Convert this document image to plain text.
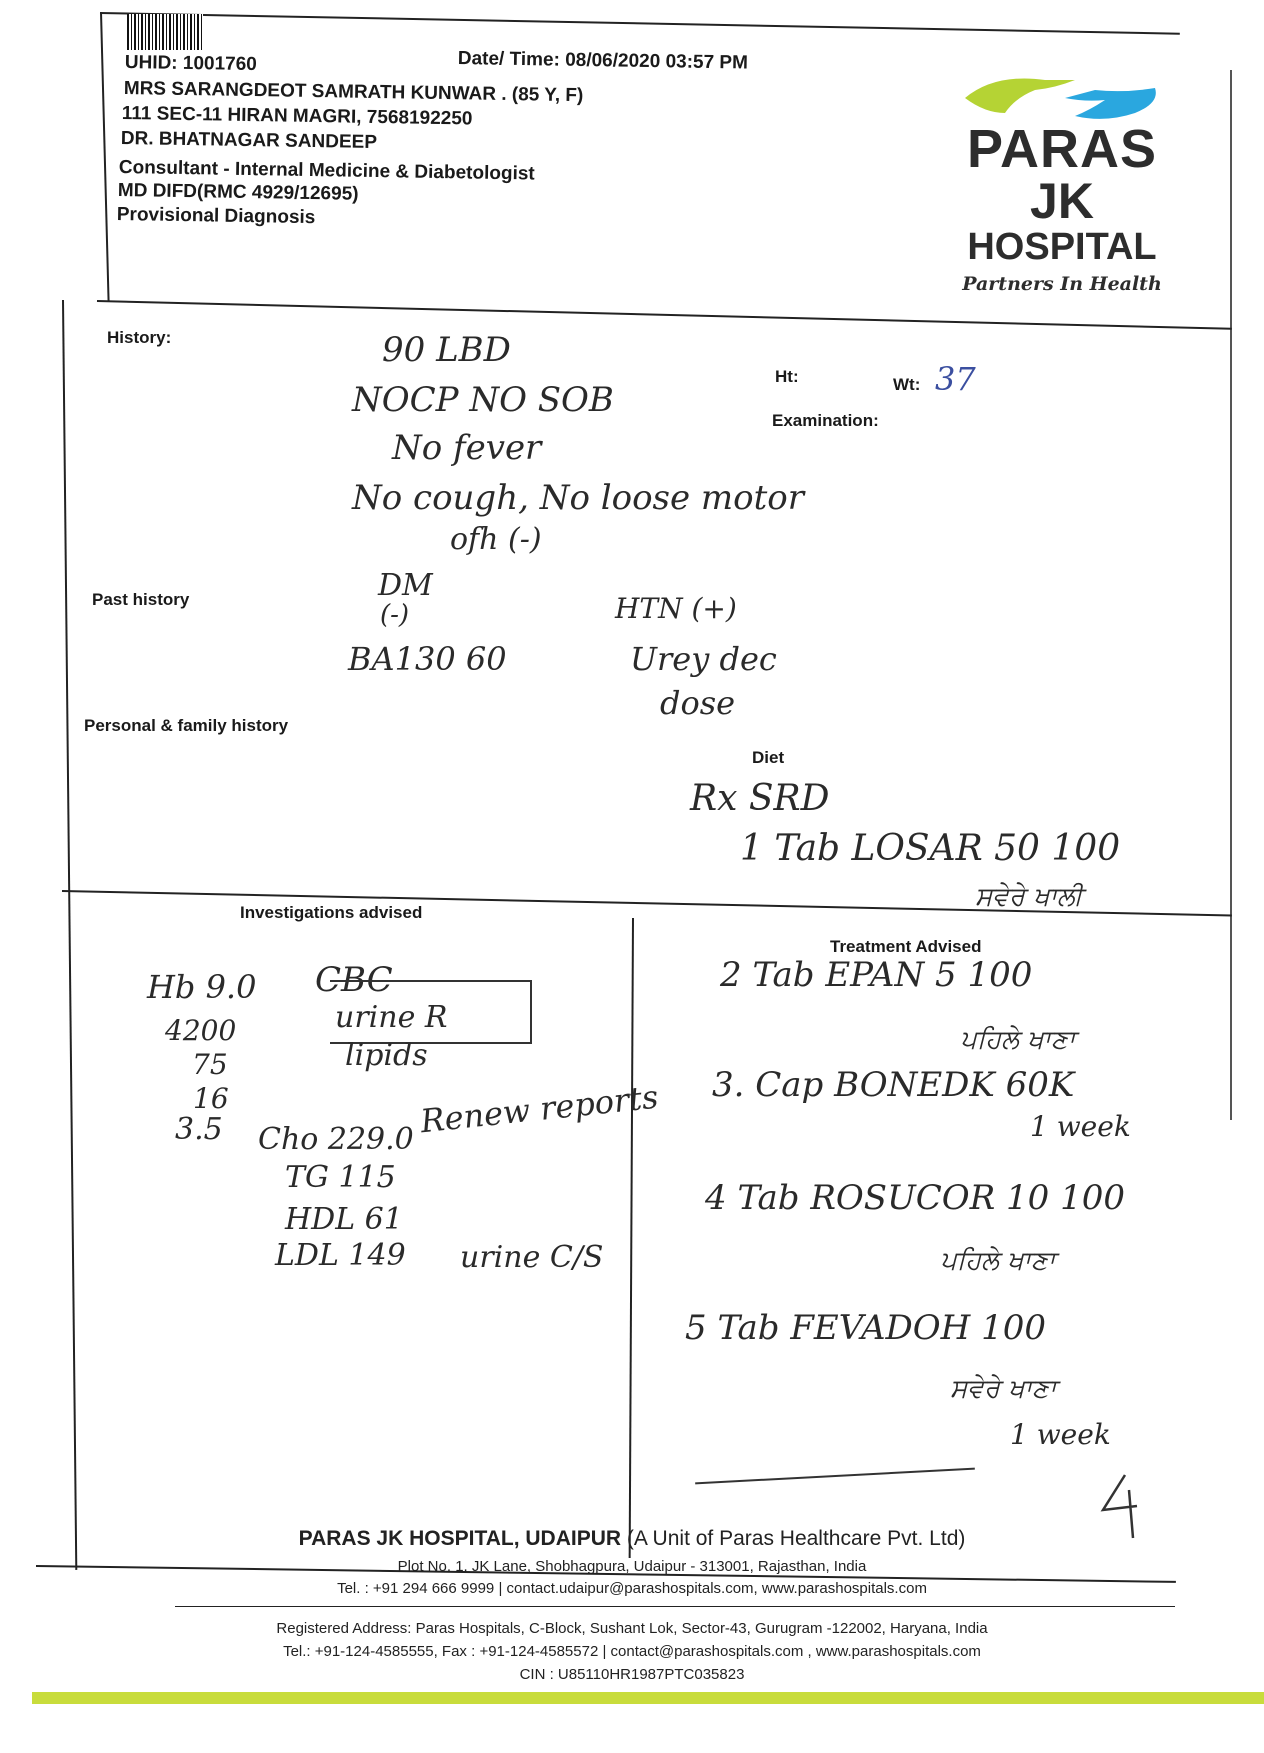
UHID: 1001760	Date/ Time: 08/06/2020 03:57 PM
MRS SARANGDEOT SAMRATH KUNWAR . (85 Y, F)
111 SEC-11 HIRAN MAGRI, 7568192250
DR. BHATNAGAR SANDEEP
Consultant - Internal Medicine & Diabetologist
MD DIFD(RMC 4929/12695)
Provisional Diagnosis
PARAS
JK
HOSPITAL
Partners In Health
History:
Ht:	Wt:
Examination:
Past history
Personal & family history
Diet
Investigations advised
Treatment Advised
37
90 LBD
NOCP NO SOB
No fever
No cough, No loose motor
ofh (-)
DM
(-)
BA130 60
HTN (+)
Urey dec
dose
Rx SRD
1 Tab LOSAR 50 100
ਸਵੇਰੇ ਖਾਲੀ
Hb 9.0
4200
75
16
3.5
CBC
urine R
lipids
Renew reports
Cho 229.0
TG 115
HDL 61
LDL 149 urine C/S
2 Tab EPAN 5 100
ਪਹਿਲੇ ਖਾਣਾ
3. Cap BONEDK 60K
1 week
4 Tab ROSUCOR 10 100
ਪਹਿਲੇ ਖਾਣਾ
5 Tab FEVADOH 100
ਸਵੇਰੇ ਖਾਣਾ
1 week
PARAS JK HOSPITAL, UDAIPUR (A Unit of Paras Healthcare Pvt. Ltd)
Plot No. 1, JK Lane, Shobhagpura, Udaipur - 313001, Rajasthan, India
Tel. : +91 294 666 9999 | contact.udaipur@parashospitals.com, www.parashospitals.com
Registered Address: Paras Hospitals, C-Block, Sushant Lok, Sector-43, Gurugram -122002, Haryana, India
Tel.: +91-124-4585555, Fax : +91-124-4585572 | contact@parashospitals.com , www.parashospitals.com
CIN : U85110HR1987PTC035823
